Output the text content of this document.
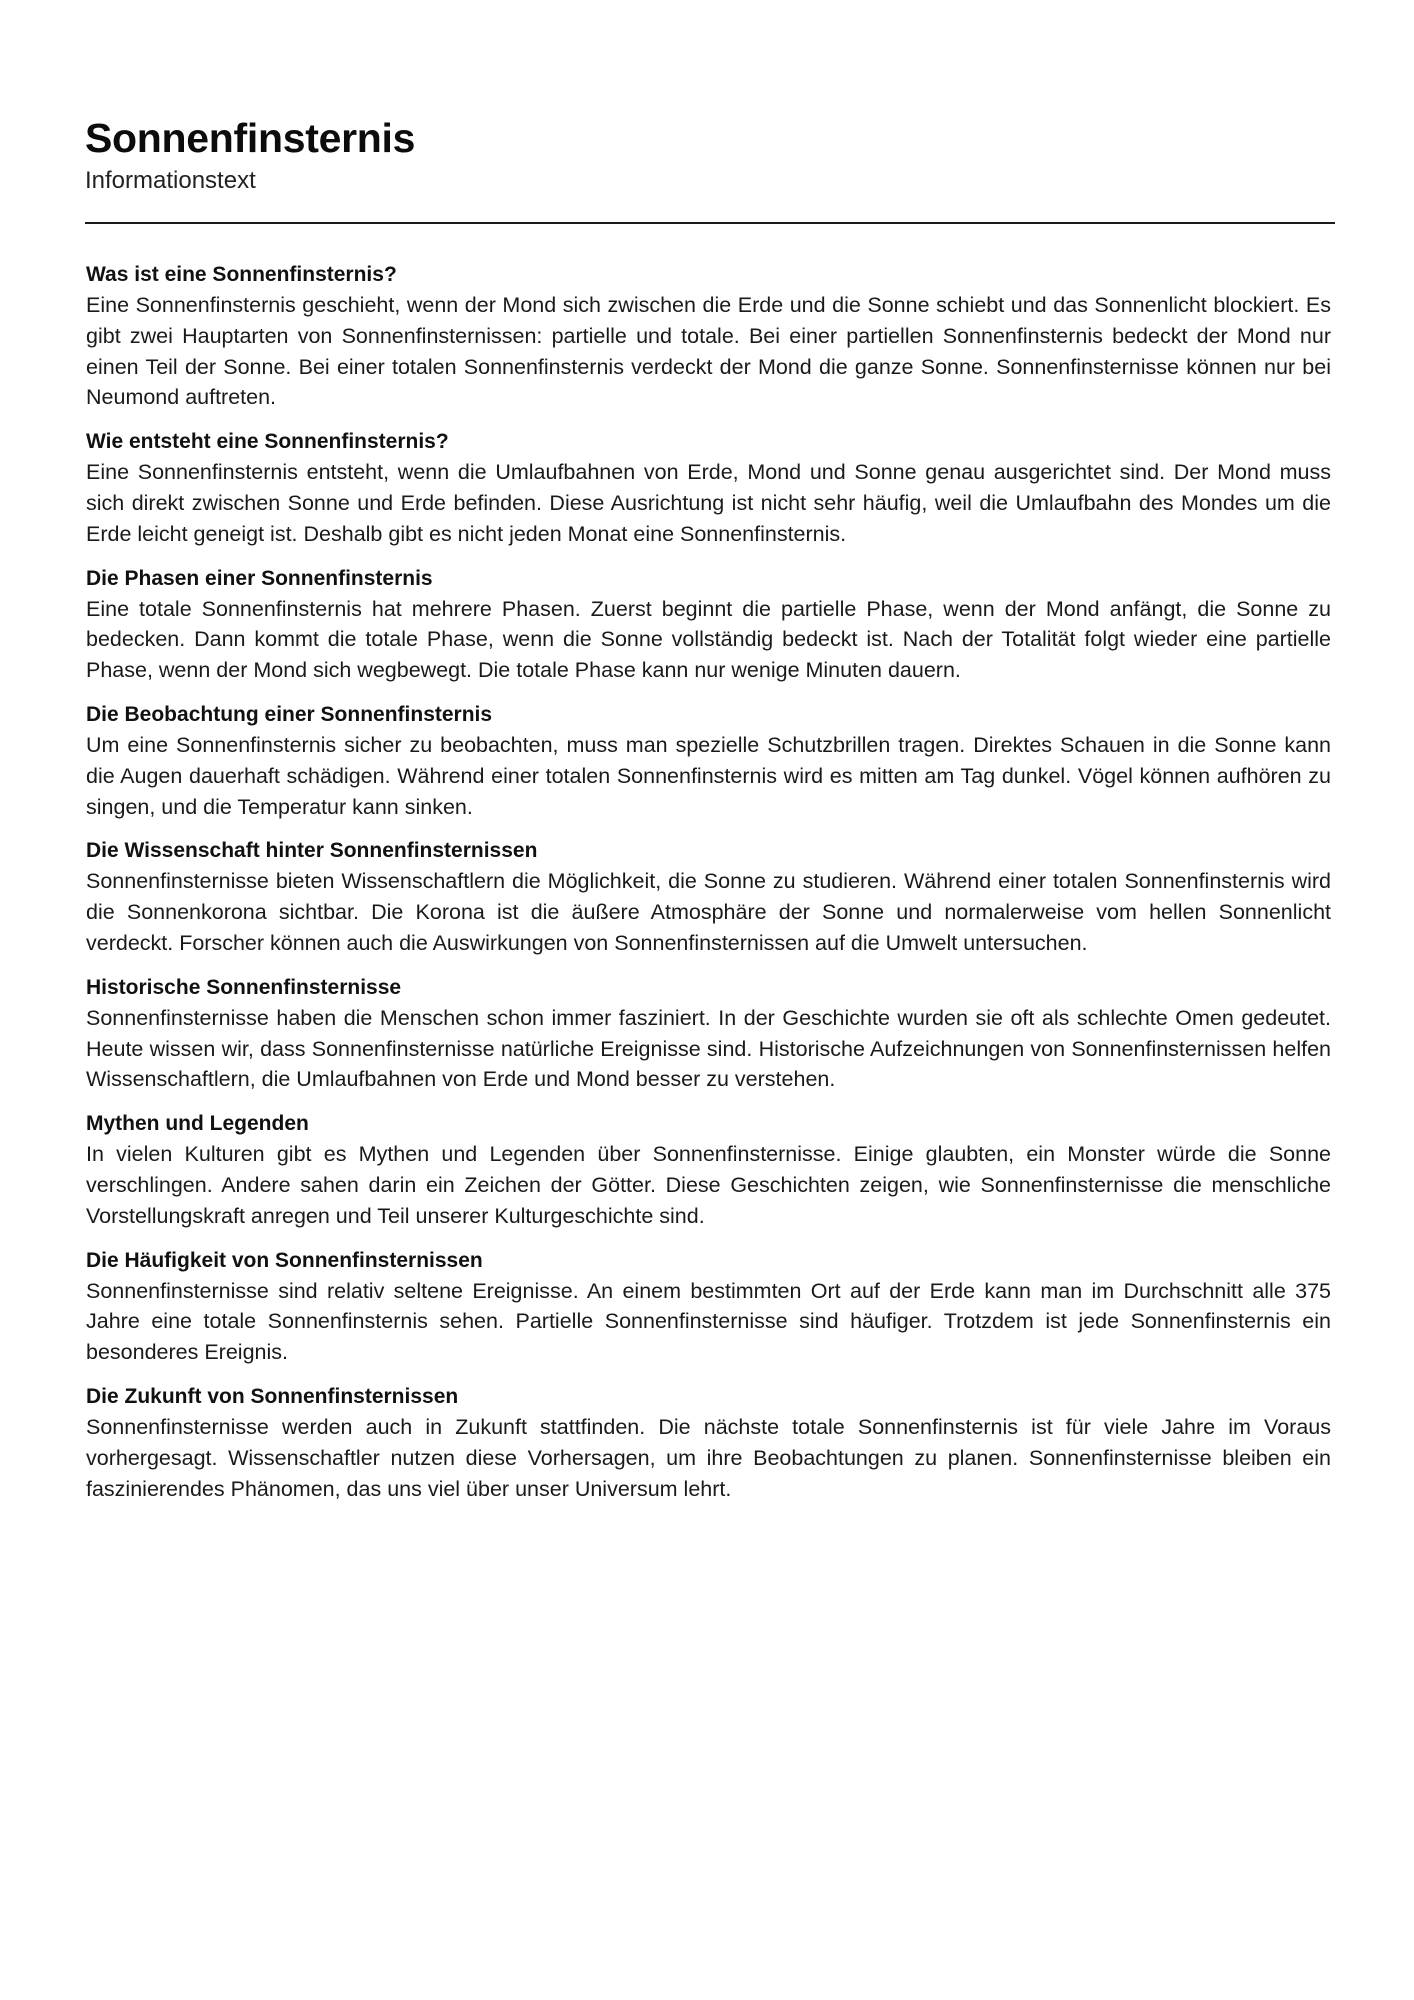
Sonnenfinsternis

Informationstext

Was ist eine Sonnenfinsternis?

Eine Sonnenfinsternis geschieht, wenn der Mond sich zwischen die Erde und die Sonne schiebt und das Sonnenlicht blockiert. Es gibt zwei Hauptarten von Sonnenfinsternissen: partielle und totale. Bei einer partiellen Sonnenfinsternis bedeckt der Mond nur einen Teil der Sonne. Bei einer totalen Sonnenfinsternis verdeckt der Mond die ganze Sonne. Sonnenfinsternisse können nur bei Neumond auftreten.

Wie entsteht eine Sonnenfinsternis?

Eine Sonnenfinsternis entsteht, wenn die Umlaufbahnen von Erde, Mond und Sonne genau ausgerichtet sind. Der Mond muss sich direkt zwischen Sonne und Erde befinden. Diese Ausrichtung ist nicht sehr häufig, weil die Umlaufbahn des Mondes um die Erde leicht geneigt ist. Deshalb gibt es nicht jeden Monat eine Sonnenfinsternis.

Die Phasen einer Sonnenfinsternis

Eine totale Sonnenfinsternis hat mehrere Phasen. Zuerst beginnt die partielle Phase, wenn der Mond anfängt, die Sonne zu bedecken. Dann kommt die totale Phase, wenn die Sonne vollständig bedeckt ist. Nach der Totalität folgt wieder eine partielle Phase, wenn der Mond sich wegbewegt. Die totale Phase kann nur wenige Minuten dauern.

Die Beobachtung einer Sonnenfinsternis

Um eine Sonnenfinsternis sicher zu beobachten, muss man spezielle Schutzbrillen tragen. Direktes Schauen in die Sonne kann die Augen dauerhaft schädigen. Während einer totalen Sonnenfinsternis wird es mitten am Tag dunkel. Vögel können aufhören zu singen, und die Temperatur kann sinken.

Die Wissenschaft hinter Sonnenfinsternissen

Sonnenfinsternisse bieten Wissenschaftlern die Möglichkeit, die Sonne zu studieren. Während einer totalen Sonnenfinsternis wird die Sonnenkorona sichtbar. Die Korona ist die äußere Atmosphäre der Sonne und normalerweise vom hellen Sonnenlicht verdeckt. Forscher können auch die Auswirkungen von Sonnenfinsternissen auf die Umwelt untersuchen.

Historische Sonnenfinsternisse

Sonnenfinsternisse haben die Menschen schon immer fasziniert. In der Geschichte wurden sie oft als schlechte Omen gedeutet. Heute wissen wir, dass Sonnenfinsternisse natürliche Ereignisse sind. Historische Aufzeichnungen von Sonnenfinsternissen helfen Wissenschaftlern, die Umlaufbahnen von Erde und Mond besser zu verstehen.

Mythen und Legenden

In vielen Kulturen gibt es Mythen und Legenden über Sonnenfinsternisse. Einige glaubten, ein Monster würde die Sonne verschlingen. Andere sahen darin ein Zeichen der Götter. Diese Geschichten zeigen, wie Sonnenfinsternisse die menschliche Vorstellungskraft anregen und Teil unserer Kulturgeschichte sind.

Die Häufigkeit von Sonnenfinsternissen

Sonnenfinsternisse sind relativ seltene Ereignisse. An einem bestimmten Ort auf der Erde kann man im Durchschnitt alle 375 Jahre eine totale Sonnenfinsternis sehen. Partielle Sonnenfinsternisse sind häufiger. Trotzdem ist jede Sonnenfinsternis ein besonderes Ereignis.

Die Zukunft von Sonnenfinsternissen

Sonnenfinsternisse werden auch in Zukunft stattfinden. Die nächste totale Sonnenfinsternis ist für viele Jahre im Voraus vorhergesagt. Wissenschaftler nutzen diese Vorhersagen, um ihre Beobachtungen zu planen. Sonnenfinsternisse bleiben ein faszinierendes Phänomen, das uns viel über unser Universum lehrt.
